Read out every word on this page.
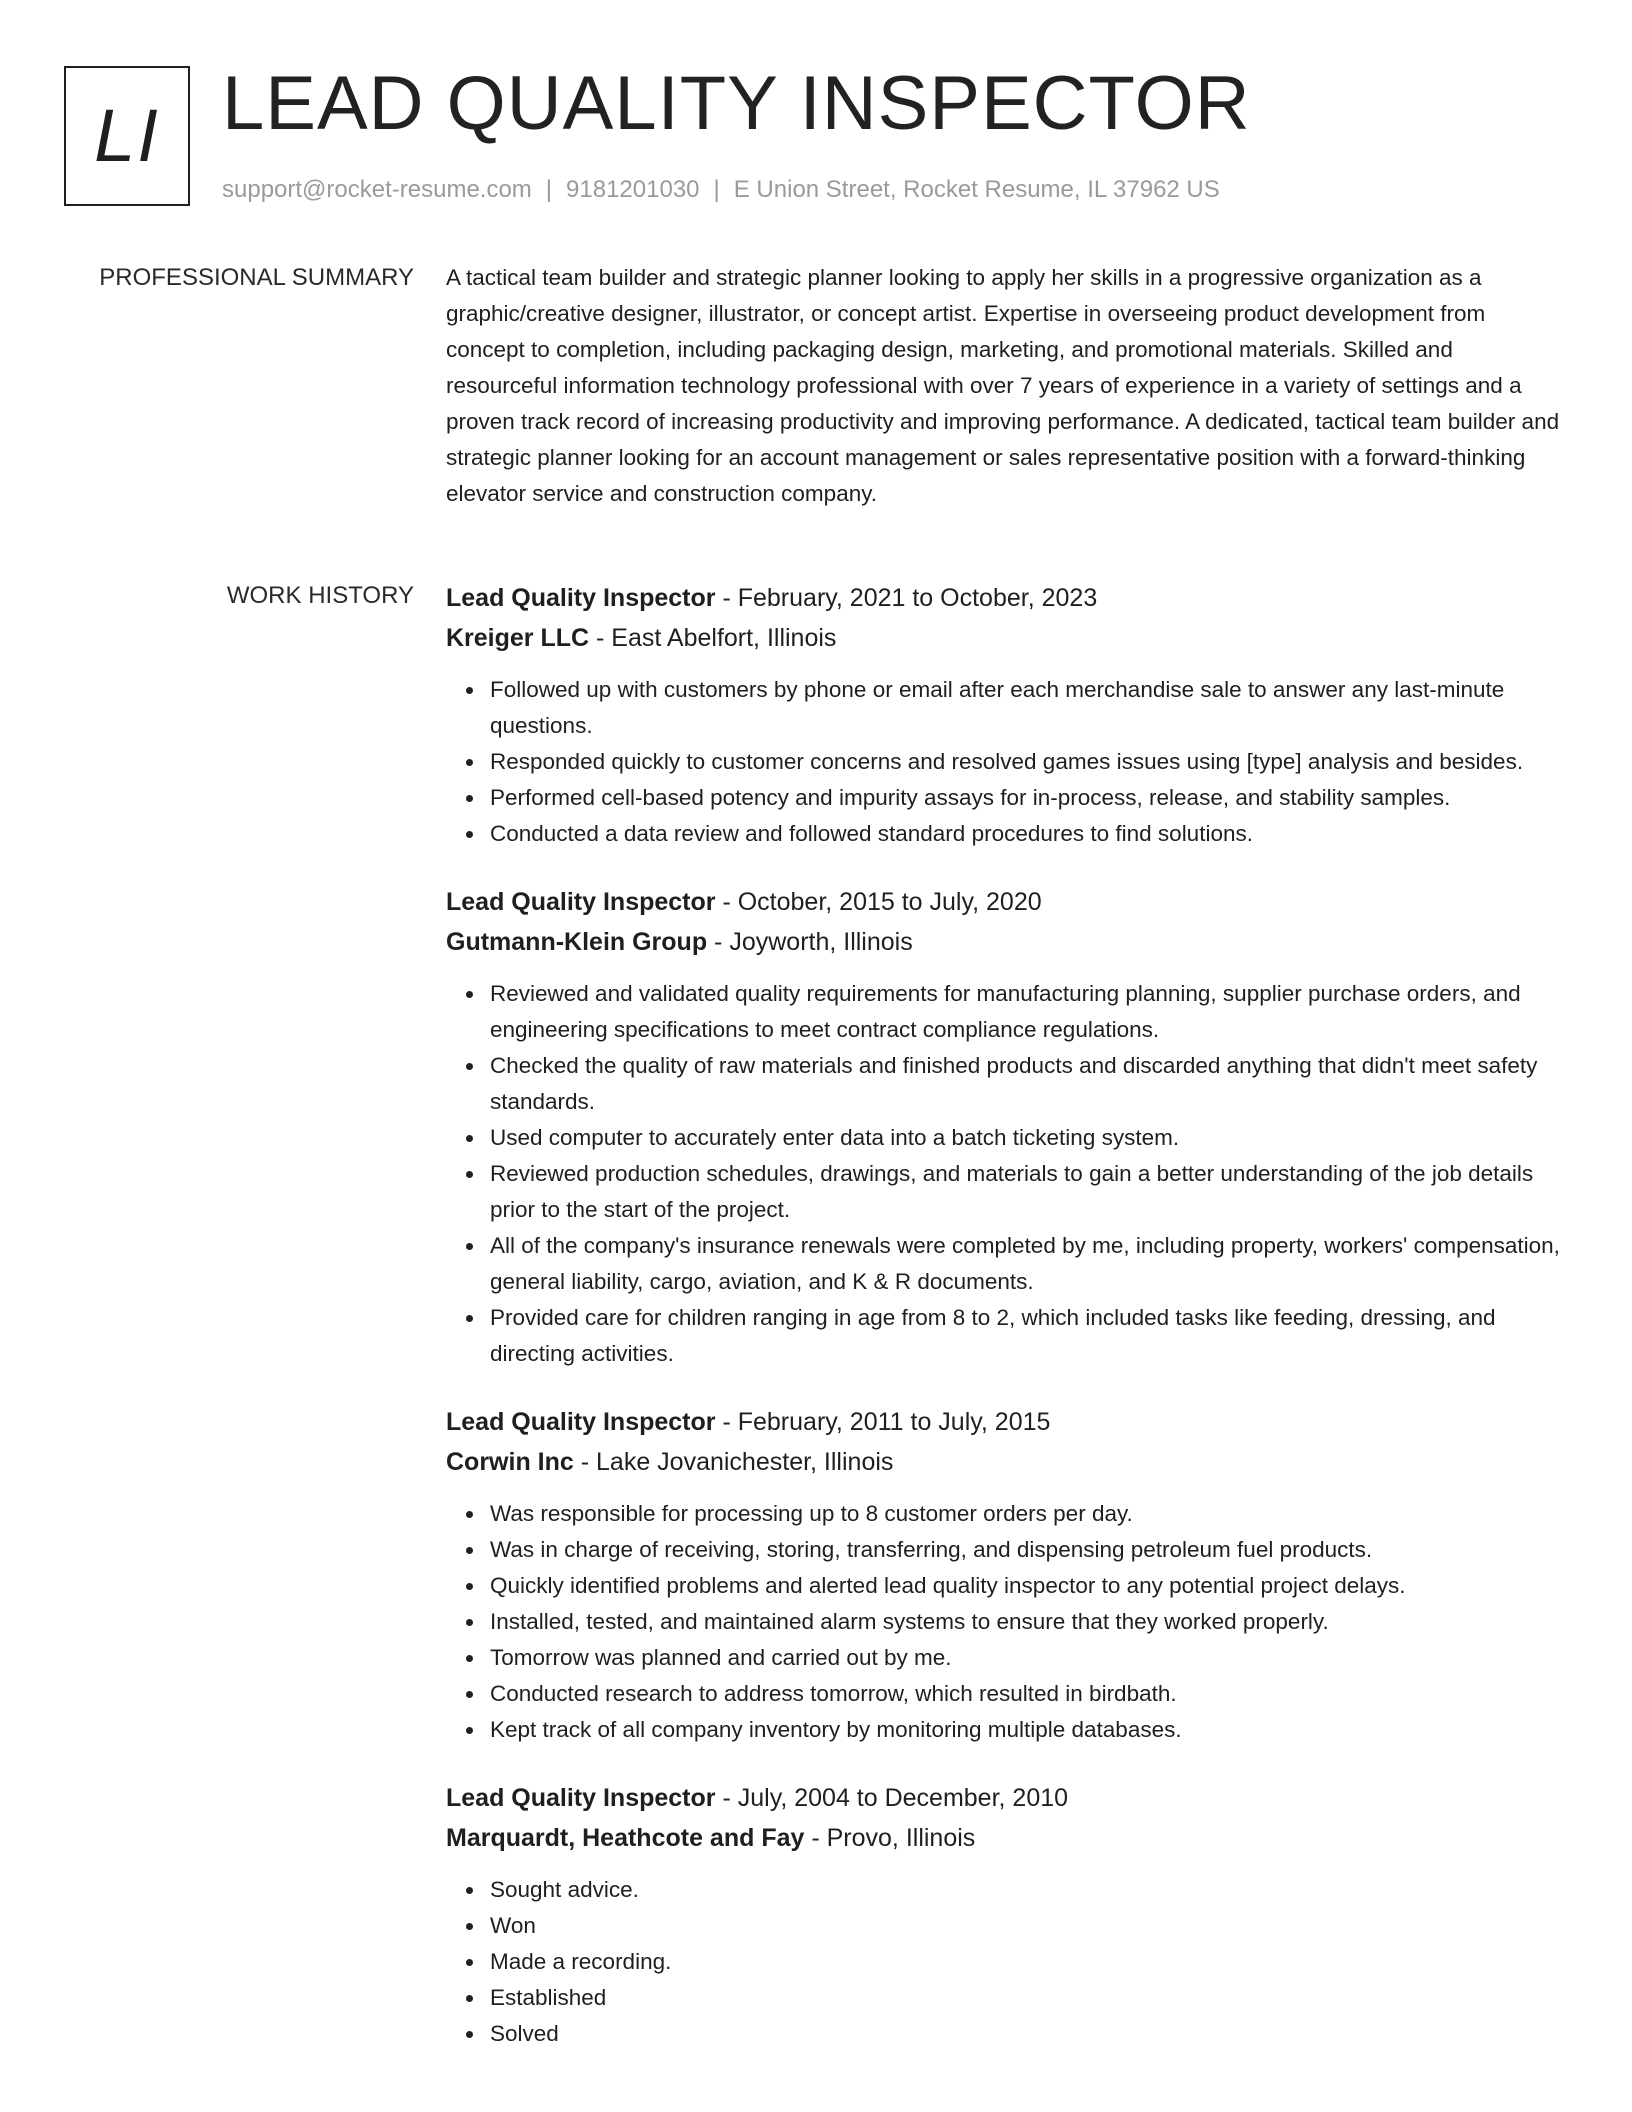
LI LEAD QUALITY INSPECTOR
support@rocket-resume.com | 9181201030 | E Union Street, Rocket Resume, IL 37962 US
PROFESSIONAL SUMMARY A tactical team builder and strategic planner looking to apply her skills in a progressive organization as a graphic/creative designer, illustrator, or concept artist. Expertise in overseeing product development from concept to completion, including packaging design, marketing, and promotional materials. Skilled and resourceful information technology professional with over 7 years of experience in a variety of settings and a proven track record of increasing productivity and improving performance. A dedicated, tactical team builder and strategic planner looking for an account management or sales representative position with a forward-thinking elevator service and construction company.

WORK HISTORY Lead Quality Inspector - February, 2021 to October, 2023
Kreiger LLC - East Abelfort, Illinois
Followed up with customers by phone or email after each merchandise sale to answer any last-minute questions.
Responded quickly to customer concerns and resolved games issues using [type] analysis and besides.
Performed cell-based potency and impurity assays for in-process, release, and stability samples.
Conducted a data review and followed standard procedures to find solutions.
Lead Quality Inspector - October, 2015 to July, 2020
Gutmann-Klein Group - Joyworth, Illinois
Reviewed and validated quality requirements for manufacturing planning, supplier purchase orders, and engineering specifications to meet contract compliance regulations.
Checked the quality of raw materials and finished products and discarded anything that didn't meet safety standards.
Used computer to accurately enter data into a batch ticketing system.
Reviewed production schedules, drawings, and materials to gain a better understanding of the job details prior to the start of the project.
All of the company's insurance renewals were completed by me, including property, workers' compensation, general liability, cargo, aviation, and K & R documents.
Provided care for children ranging in age from 8 to 2, which included tasks like feeding, dressing, and directing activities.
Lead Quality Inspector - February, 2011 to July, 2015
Corwin Inc - Lake Jovanichester, Illinois
Was responsible for processing up to 8 customer orders per day.
Was in charge of receiving, storing, transferring, and dispensing petroleum fuel products.
Quickly identified problems and alerted lead quality inspector to any potential project delays.
Installed, tested, and maintained alarm systems to ensure that they worked properly.
Tomorrow was planned and carried out by me.
Conducted research to address tomorrow, which resulted in birdbath.
Kept track of all company inventory by monitoring multiple databases.
Lead Quality Inspector - July, 2004 to December, 2010
Marquardt, Heathcote and Fay - Provo, Illinois
Sought advice.
Won
Made a recording.
Established
Solved
